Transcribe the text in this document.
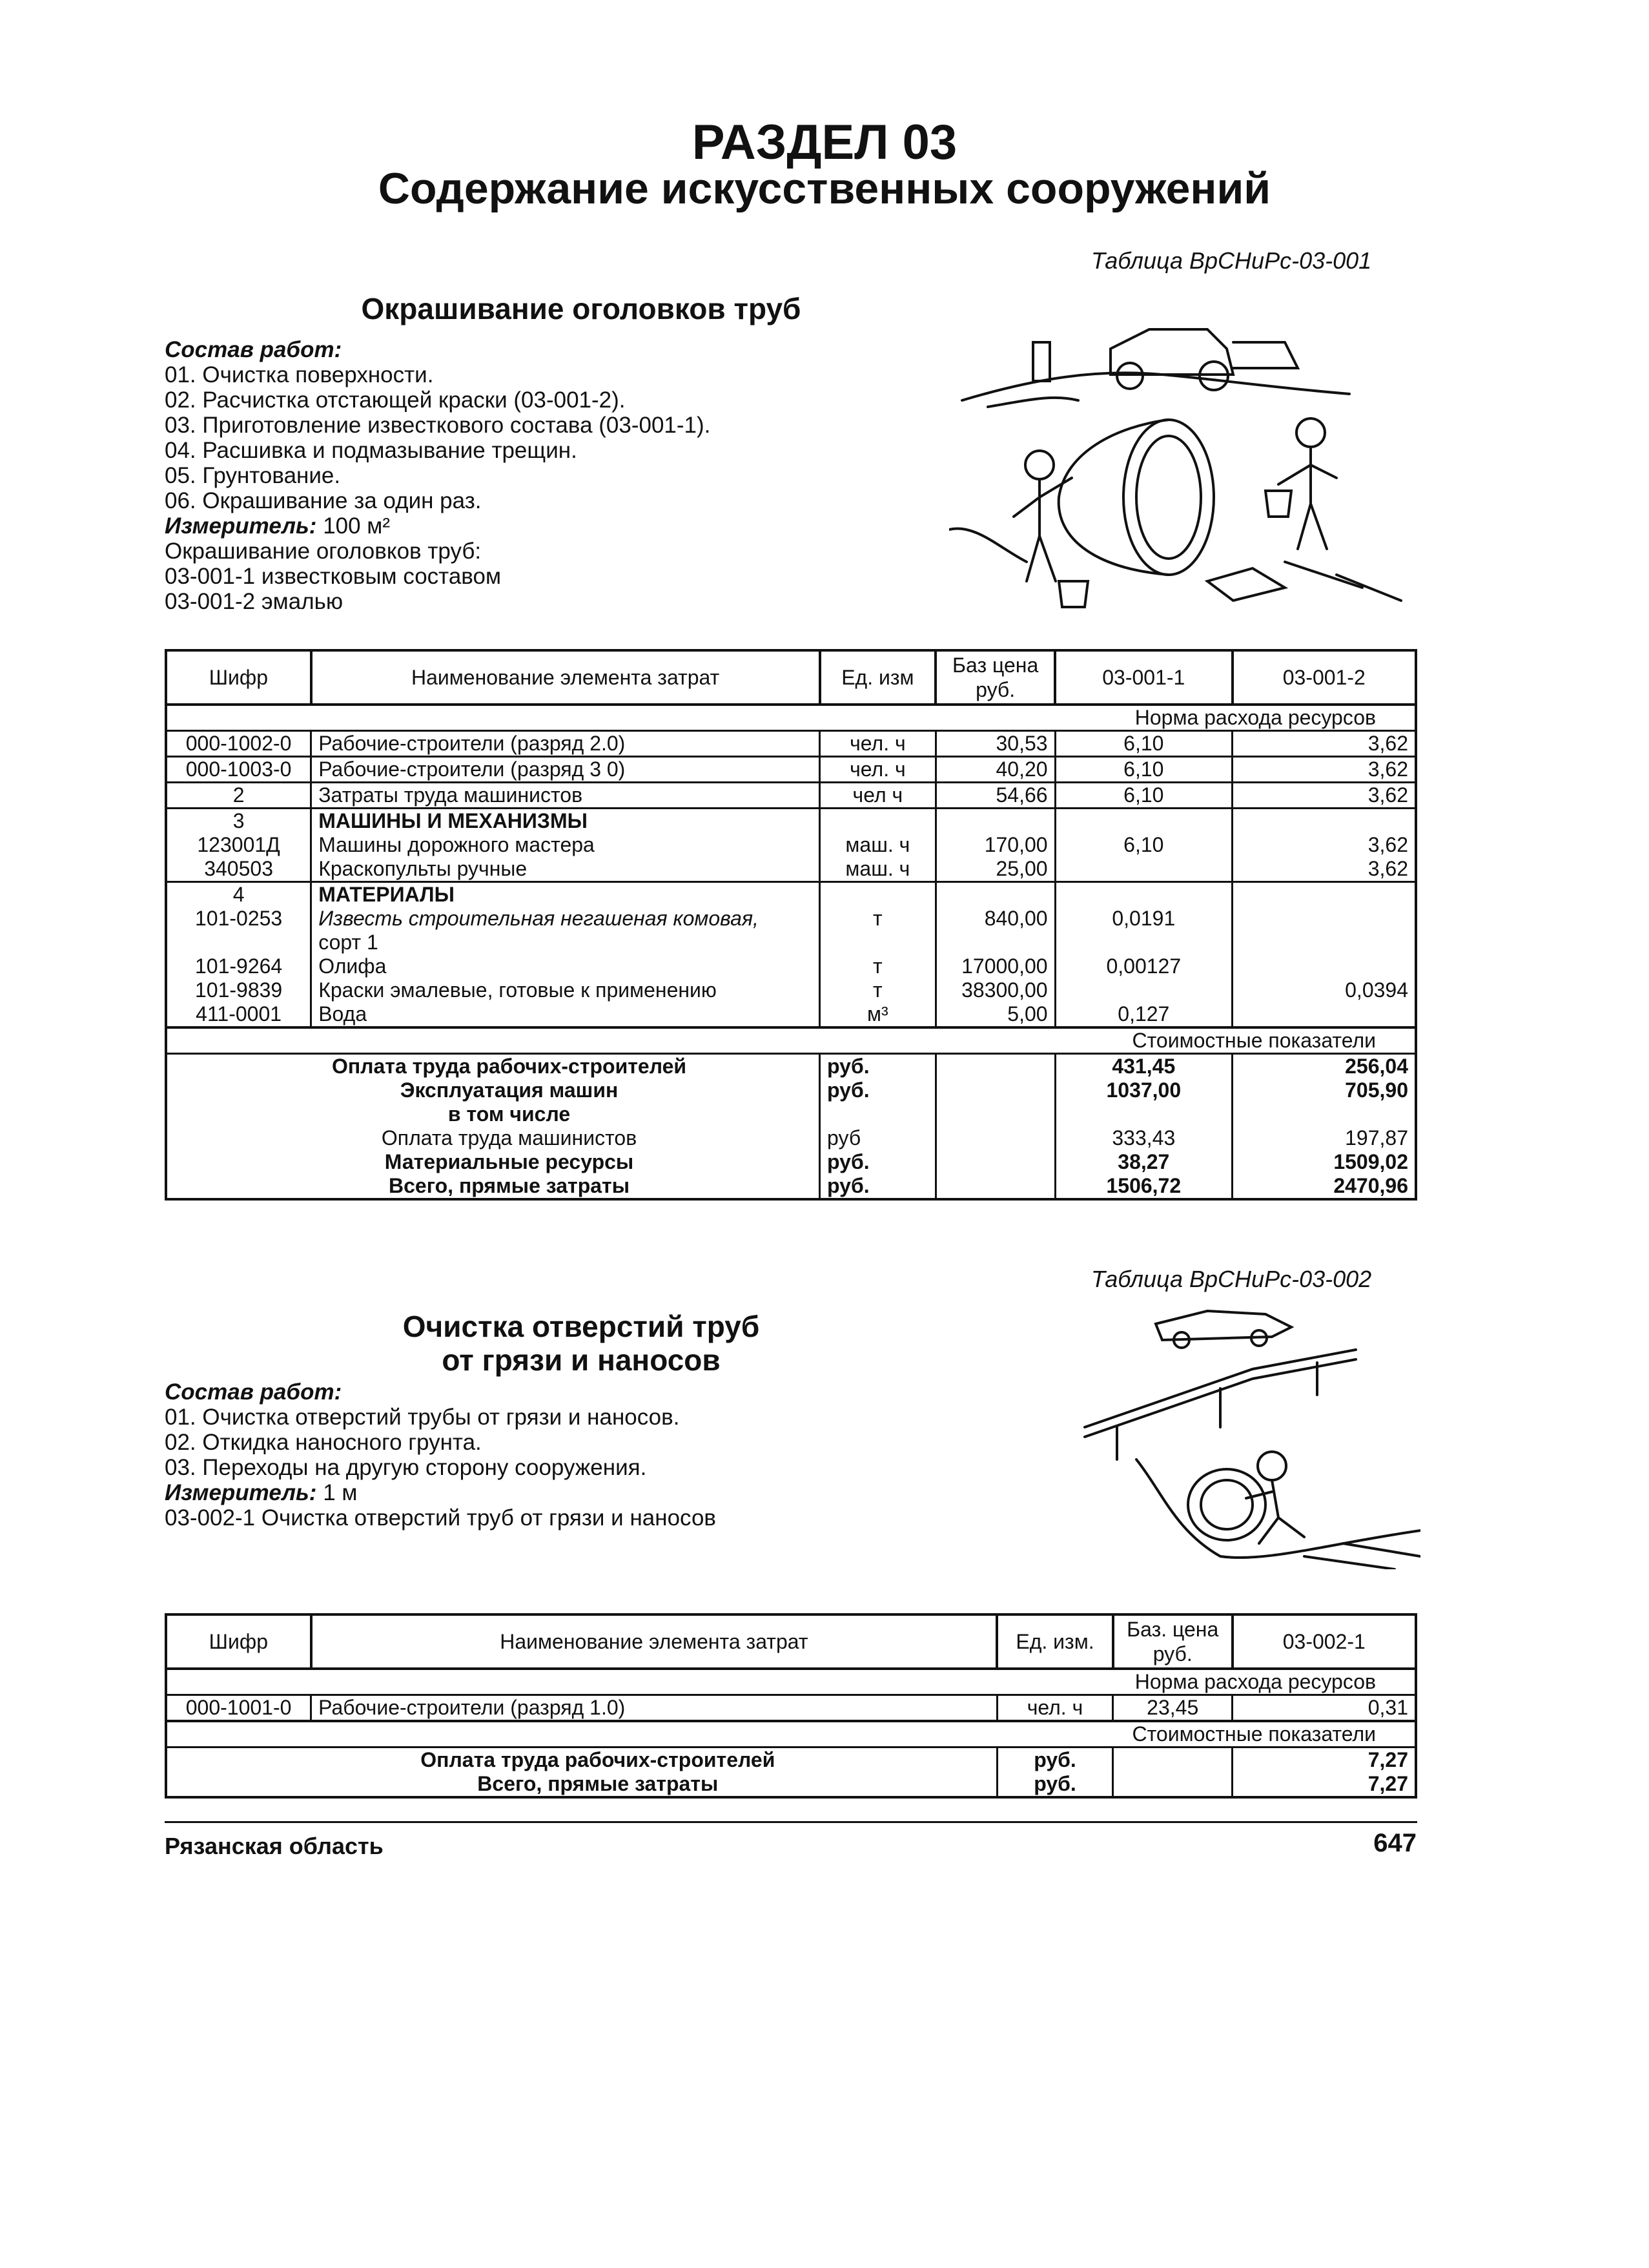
РАЗДЕЛ 03
Содержание искусственных сооружений
Таблица ВрСНиРс-03-001
Окрашивание оголовков труб
Состав работ:
01. Очистка поверхности.
02. Расчистка отстающей краски (03-001-2).
03. Приготовление известкового состава (03-001-1).
04. Расшивка и подмазывание трещин.
05. Грунтование.
06. Окрашивание за один раз.
Измеритель: 100 м²
Окрашивание оголовков труб:
03-001-1 известковым составом
03-001-2 эмалью
Шифр	Наименование элемента затрат	Ед. изм	Баз цена руб.	03-001-1	03-001-2
Норма расхода ресурсов					
000-1002-0	Рабочие-строители (разряд 2.0)	чел. ч	30,53	6,10	3,62
000-1003-0	Рабочие-строители (разряд 3 0)	чел. ч	40,20	6,10	3,62
2	Затраты труда машинистов	чел ч	54,66	6,10	3,62
3	МАШИНЫ И МЕХАНИЗМЫ				
123001Д	Машины дорожного мастера	маш. ч	170,00	6,10	3,62
340503	Краскопульты ручные	маш. ч	25,00		3,62
4	МАТЕРИАЛЫ				
101-0253	Известь строительная негашеная комовая,	т	840,00	0,0191	
	сорт 1				
101-9264	Олифа	т	17000,00	0,00127	
101-9839	Краски эмалевые, готовые к применению	т	38300,00		0,0394
411-0001	Вода	м³	5,00	0,127	
Стоимостные показатели					
Оплата труда рабочих-строителей		руб.		431,45	256,04
Эксплуатация машин		руб.		1037,00	705,90
в том числе					
Оплата труда машинистов		руб		333,43	197,87
Материальные ресурсы		руб.		38,27	1509,02
Всего, прямые затраты		руб.		1506,72	2470,96
Таблица ВрСНиРс-03-002
Очистка отверстий труб
от грязи и наносов
Состав работ:
01. Очистка отверстий трубы от грязи и наносов.
02. Откидка наносного грунта.
03. Переходы на другую сторону сооружения.
Измеритель: 1 м
03-002-1 Очистка отверстий труб от грязи и наносов
Шифр	Наименование элемента затрат	Ед. изм.	Баз. цена руб.	03-002-1
Норма расхода ресурсов				
000-1001-0	Рабочие-строители (разряд 1.0)	чел. ч	23,45	0,31
Стоимостные показатели				
Оплата труда рабочих-строителей		руб.		7,27
Всего, прямые затраты		руб.		7,27
Рязанская область	647
